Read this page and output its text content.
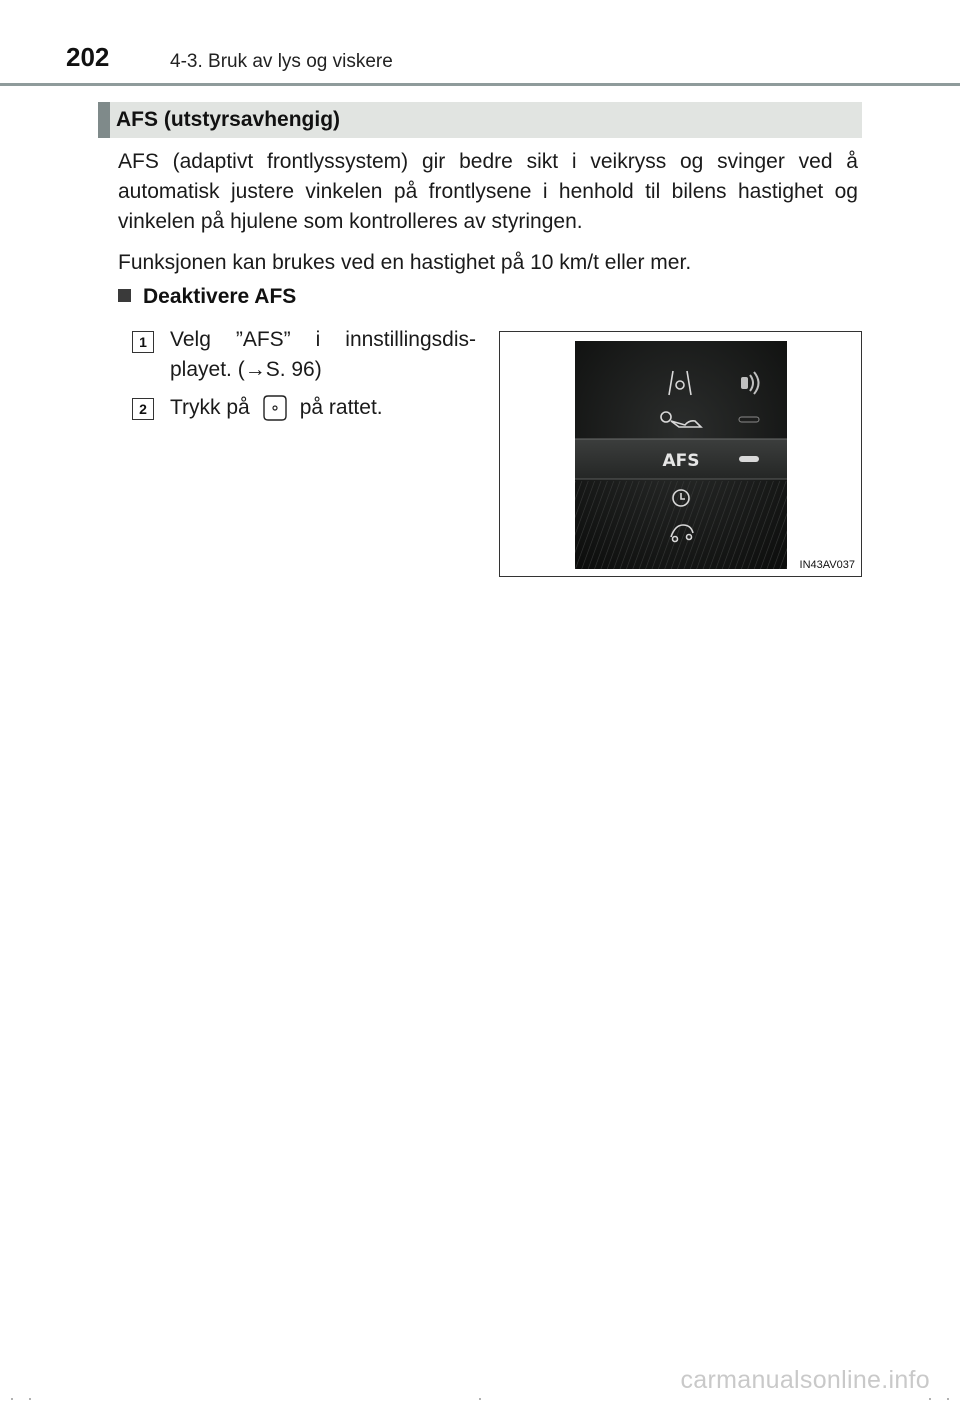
202	4-3. Bruk av lys og viskere
AFS (utstyrsavhengig)
AFS (adaptivt frontlyssystem) gir bedre sikt i veikryss og svinger ved å automatisk justere vinkelen på frontlysene i henhold til bilens hastighet og vinkelen på hjulene som kontrolleres av styringen.
Funksjonen kan brukes ved en hastighet på 10 km/t eller mer.
Deaktivere AFS
1	Velg ”AFS” i innstillingsdis-playet. (→S. 96)
2	Trykk på på rattet.
AFS
IN43AV037
carmanualsonline.info
